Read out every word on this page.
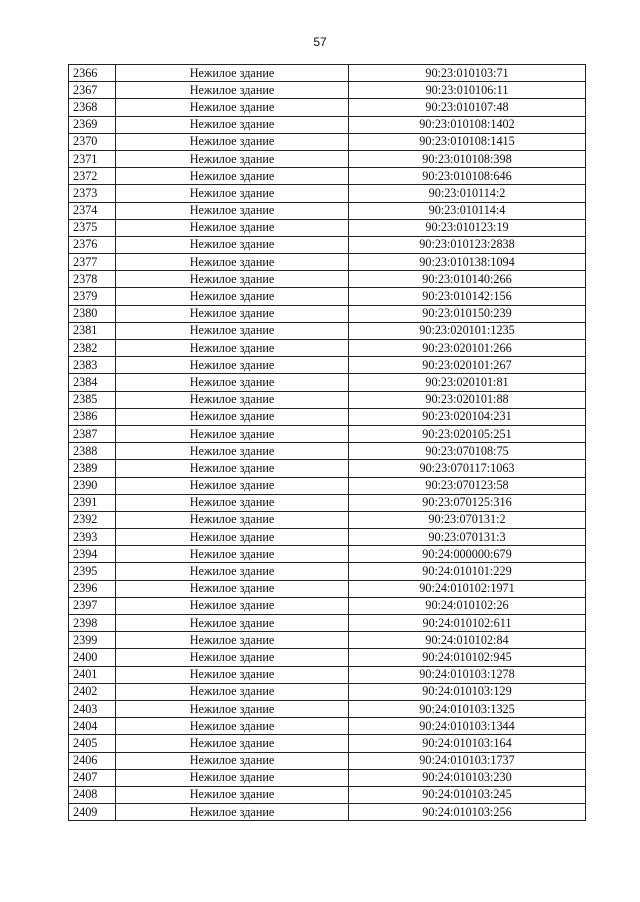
57
2366	Нежилое здание	90:23:010103:71
2367	Нежилое здание	90:23:010106:11
2368	Нежилое здание	90:23:010107:48
2369	Нежилое здание	90:23:010108:1402
2370	Нежилое здание	90:23:010108:1415
2371	Нежилое здание	90:23:010108:398
2372	Нежилое здание	90:23:010108:646
2373	Нежилое здание	90:23:010114:2
2374	Нежилое здание	90:23:010114:4
2375	Нежилое здание	90:23:010123:19
2376	Нежилое здание	90:23:010123:2838
2377	Нежилое здание	90:23:010138:1094
2378	Нежилое здание	90:23:010140:266
2379	Нежилое здание	90:23:010142:156
2380	Нежилое здание	90:23:010150:239
2381	Нежилое здание	90:23:020101:1235
2382	Нежилое здание	90:23:020101:266
2383	Нежилое здание	90:23:020101:267
2384	Нежилое здание	90:23:020101:81
2385	Нежилое здание	90:23:020101:88
2386	Нежилое здание	90:23:020104:231
2387	Нежилое здание	90:23:020105:251
2388	Нежилое здание	90:23:070108:75
2389	Нежилое здание	90:23:070117:1063
2390	Нежилое здание	90:23:070123:58
2391	Нежилое здание	90:23:070125:316
2392	Нежилое здание	90:23:070131:2
2393	Нежилое здание	90:23:070131:3
2394	Нежилое здание	90:24:000000:679
2395	Нежилое здание	90:24:010101:229
2396	Нежилое здание	90:24:010102:1971
2397	Нежилое здание	90:24:010102:26
2398	Нежилое здание	90:24:010102:611
2399	Нежилое здание	90:24:010102:84
2400	Нежилое здание	90:24:010102:945
2401	Нежилое здание	90:24:010103:1278
2402	Нежилое здание	90:24:010103:129
2403	Нежилое здание	90:24:010103:1325
2404	Нежилое здание	90:24:010103:1344
2405	Нежилое здание	90:24:010103:164
2406	Нежилое здание	90:24:010103:1737
2407	Нежилое здание	90:24:010103:230
2408	Нежилое здание	90:24:010103:245
2409	Нежилое здание	90:24:010103:256
